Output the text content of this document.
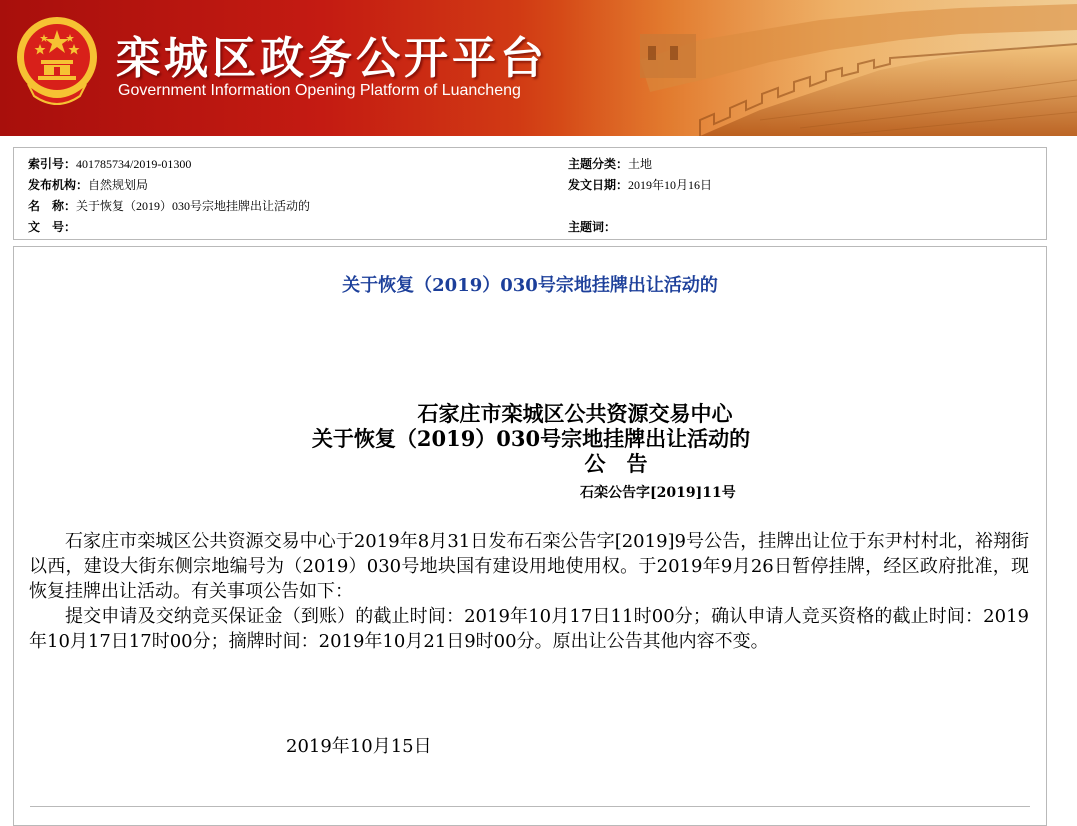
栾城区政务公开平台
Government Information Opening Platform of Luancheng
索引号：401785734/2019-01300
发布机构：自然规划局
名　称：关于恢复（2019）030号宗地挂牌出让活动的
文　号：
主题分类：土地
发文日期：2019年10月16日
主题词：
关于恢复（2019）030号宗地挂牌出让活动的
石家庄市栾城区公共资源交易中心
关于恢复（2019）030号宗地挂牌出让活动的
公　告
石栾公告字[2019]11号

石家庄市栾城区公共资源交易中心于2019年8月31日发布石栾公告字[2019]9号公告，挂牌出让位于东尹村村北，裕翔街以西，建设大街东侧宗地编号为（2019）030号地块国有建设用地使用权。于2019年9月26日暂停挂牌，经区政府批准，现恢复挂牌出让活动。有关事项公告如下：

提交申请及交纳竞买保证金（到账）的截止时间：2019年10月17日11时00分；确认申请人竞买资格的截止时间：2019年10月17日17时00分；摘牌时间：2019年10月21日9时00分。原出让公告其他内容不变。

2019年10月15日
